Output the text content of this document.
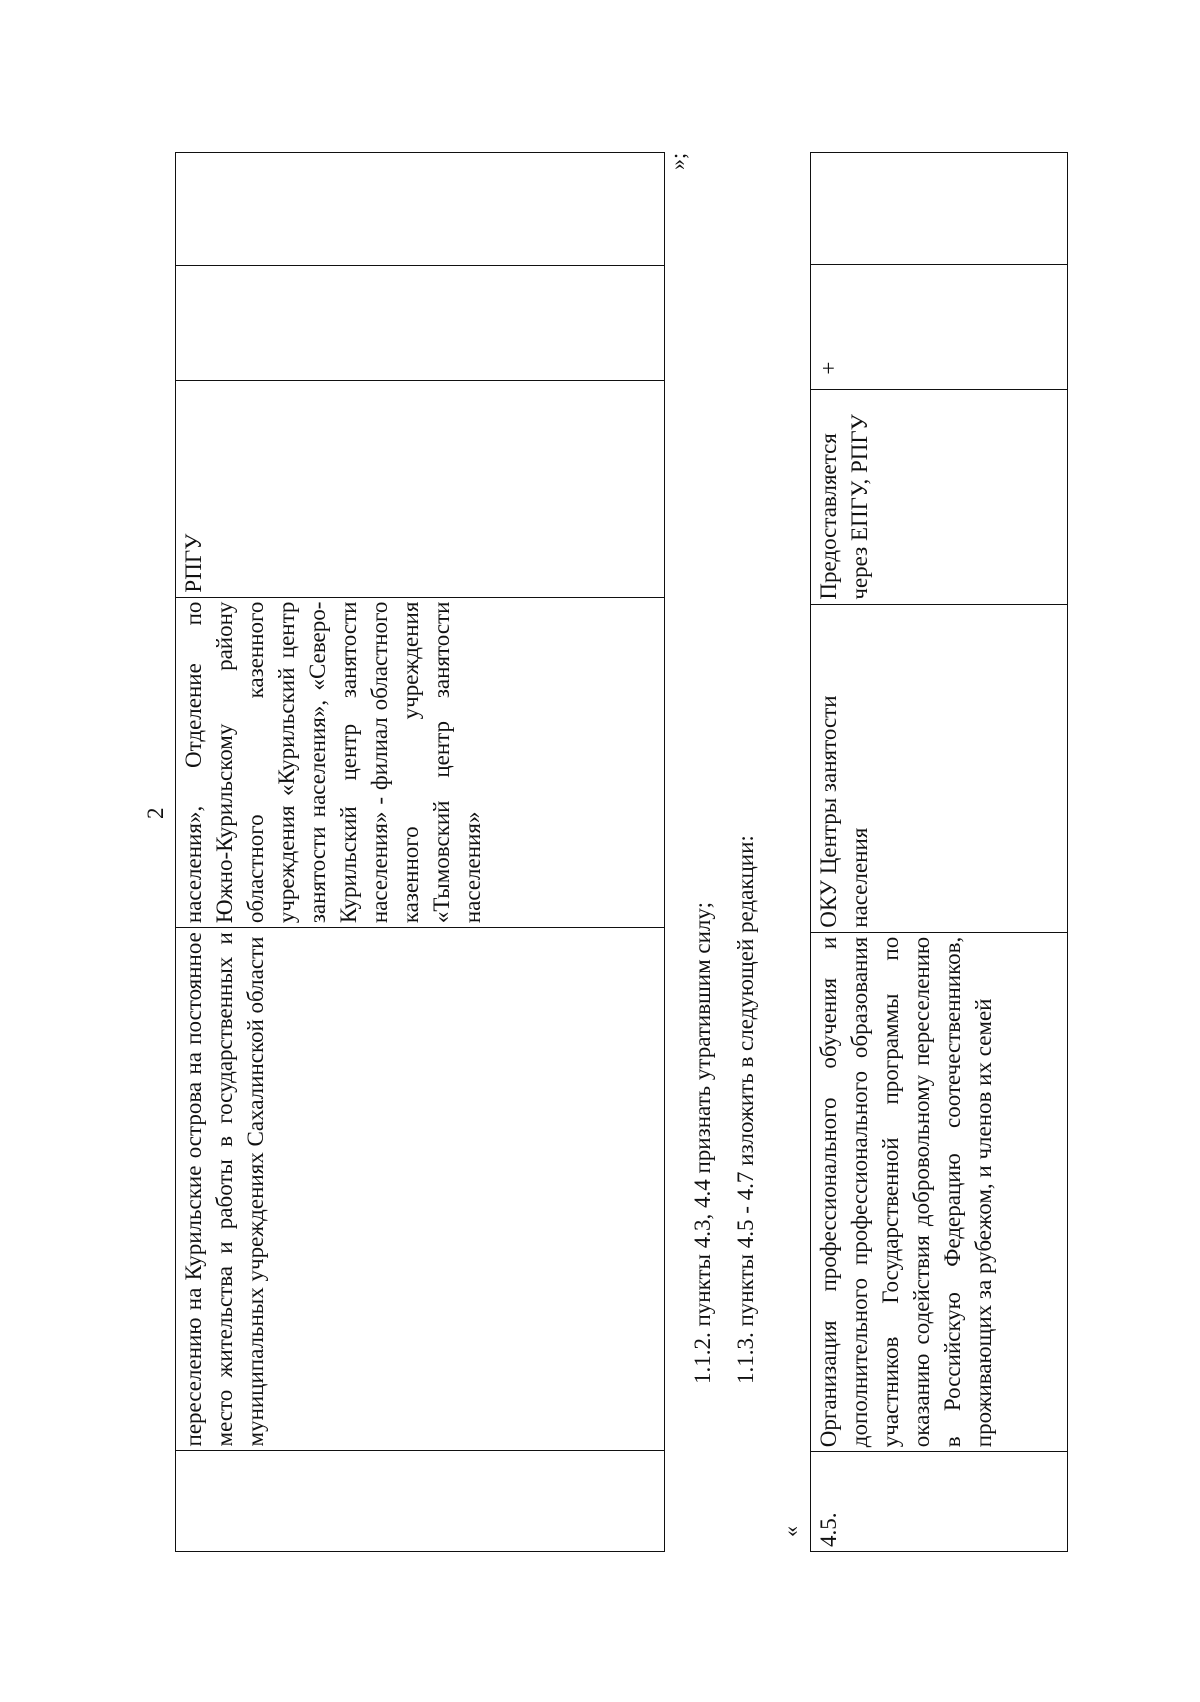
2
	переселению на Курильские острова на постоянное место жительства и работы в государственных и муниципальных учреждениях Сахалинской области	населения», Отделение по Южно-Курильскому району областного казенного учреждения «Курильский центр занятости населения», «Северо-Курильский центр занятости населения» - филиал областного казенного учреждения «Тымовский центр занятости населения»	РПГУ		
»;
1.1.2. пункты 4.3, 4.4 признать утратившим силу; 1.1.3. пункты 4.5 - 4.7 изложить в следующей редакции:
« 4.5.	Организация профессионального обучения и дополнительного профессионального образования участников Государственной программы по оказанию содействия добровольному переселению в Российскую Федерацию соотечественников, проживающих за рубежом, и членов их семей	ОКУ Центры занятости населения	Предоставляется через ЕПГУ, РПГУ	+	
